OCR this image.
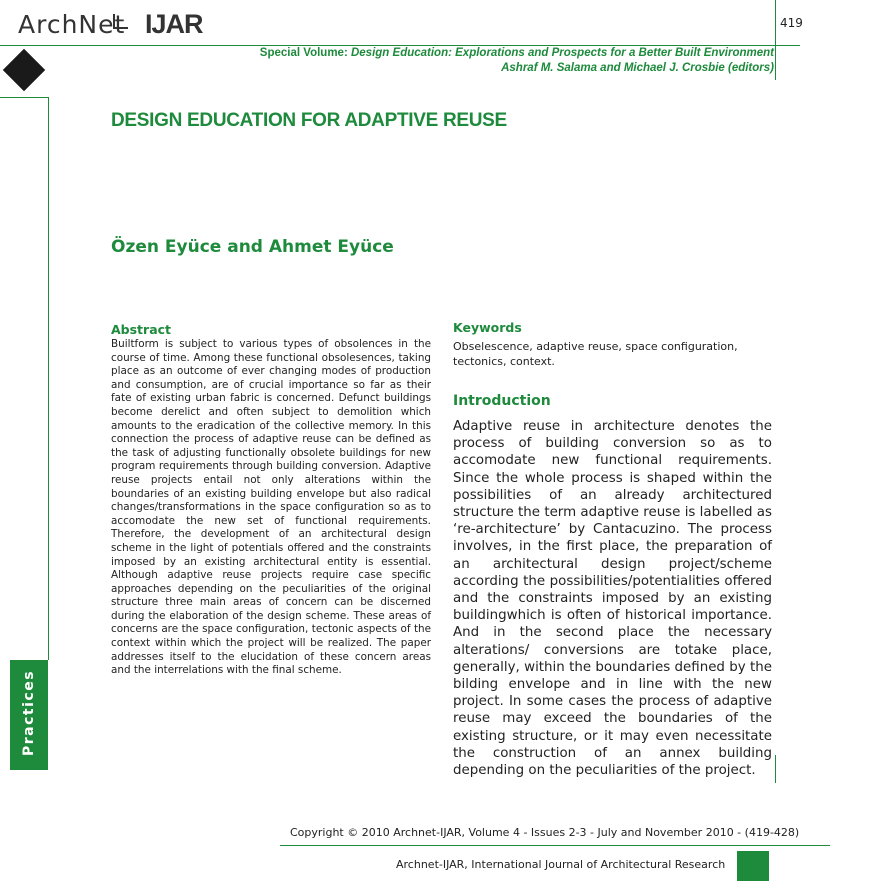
ArchNet IJAR	419
Special Volume: Design Education: Explorations and Prospects for a Better Built Environment
Ashraf M. Salama and Michael J. Crosbie (editors)
Practices
DESIGN EDUCATION FOR ADAPTIVE REUSE
Özen Eyüce and Ahmet Eyüce
Abstract
Builtform is subject to various types of obsolences in the course of time. Among these functional obsolesences, taking place as an outcome of ever changing modes of production and consumption, are of crucial importance so far as their fate of existing urban fabric is concerned. Defunct buildings become derelict and often subject to demolition which amounts to the eradication of the collective memory. In this connection the process of adaptive reuse can be defined as the task of adjusting functionally obsolete buildings for new program requirements through building conversion. Adaptive reuse projects entail not only alterations within the boundaries of an existing building envelope but also radical changes/transformations in the space configuration so as to accomodate the new set of functional requirements. Therefore, the development of an architectural design scheme in the light of potentials offered and the constraints imposed by an existing architectural entity is essential. Although adaptive reuse projects require case specific approaches depending on the peculiarities of the original structure three main areas of concern can be discerned during the elaboration of the design scheme. These areas of concerns are the space configuration, tectonic aspects of the context within which the project will be realized. The paper addresses itself to the elucidation of these concern areas and the interrelations with the final scheme.
Keywords
Obselescence, adaptive reuse, space configuration, tectonics, context.
Introduction
Adaptive reuse in architecture denotes the process of building conversion so as to accomodate new functional requirements. Since the whole process is shaped within the possibilities of an already architectured structure the term adaptive reuse is labelled as ‘re-architecture’ by Cantacuzino. The process involves, in the first place, the preparation of an architectural design project/scheme according the possibilities/potentialities offered and the constraints imposed by an existing buildingwhich is often of historical importance. And in the second place the necessary alterations/ conversions are totake place, generally, within the boundaries defined by the bilding envelope and in line with the new project. In some cases the process of adaptive reuse may exceed the boundaries of the existing structure, or it may even necessitate the construction of an annex building depending on the peculiarities of the project.
Copyright © 2010 Archnet-IJAR, Volume 4 - Issues 2-3 - July and November 2010 - (419-428)
Archnet-IJAR, International Journal of Architectural Research
